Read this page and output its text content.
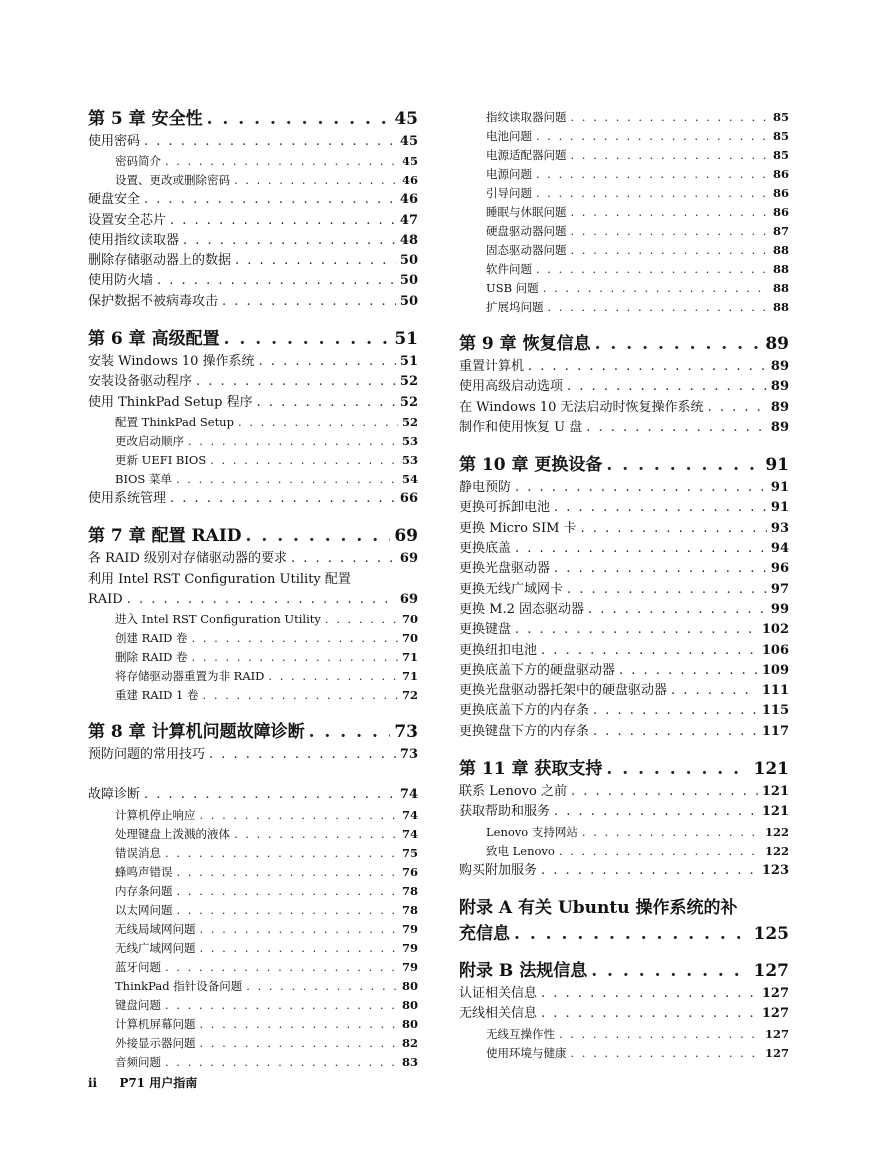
第 5 章 安全性 . . .	45
使用密码 . . .	45
密码简介 . . .	45
设置、更改或删除密码 . . .	46
硬盘安全 . . .	46
设置安全芯片 . . .	47
使用指纹读取器 . . .	48
删除存储驱动器上的数据 . . .	50
使用防火墙 . . .	50
保护数据不被病毒攻击 . . .	50
第 6 章 高级配置 . . .	51
安装 Windows 10 操作系统 . . .	51
安装设备驱动程序 . . .	52
使用 ThinkPad Setup 程序 . . .	52
配置 ThinkPad Setup . . .	52
更改启动顺序 . . .	53
更新 UEFI BIOS . . .	53
BIOS 菜单 . . .	54
使用系统管理 . . .	66
第 7 章 配置 RAID . . .	69
各 RAID 级别对存储驱动器的要求 . . .	69
利用 Intel RST Configuration Utility 配置
RAID . . .	69
进入 Intel RST Configuration Utility . . .	70
创建 RAID 卷 . . .	70
删除 RAID 卷 . . .	71
将存储驱动器重置为非 RAID . . .	71
重建 RAID 1 卷 . . .	72
第 8 章 计算机问题故障诊断 . . .	73
预防问题的常用技巧 . . .	73
故障诊断 . . .	74
计算机停止响应 . . .	74
处理键盘上泼溅的液体 . . .	74
错误消息 . . .	75
蜂鸣声错误 . . .	76
内存条问题 . . .	78
以太网问题 . . .	78
无线局域网问题 . . .	79
无线广域网问题 . . .	79
蓝牙问题 . . .	79
ThinkPad 指针设备问题 . . .	80
键盘问题 . . .	80
计算机屏幕问题 . . .	80
外接显示器问题 . . .	82
音频问题 . . .	83
指纹读取器问题 . . .	85
电池问题 . . .	85
电源适配器问题 . . .	85
电源问题 . . .	86
引导问题 . . .	86
睡眠与休眠问题 . . .	86
硬盘驱动器问题 . . .	87
固态驱动器问题 . . .	88
软件问题 . . .	88
USB 问题 . . .	88
扩展坞问题 . . .	88
第 9 章 恢复信息 . . .	89
重置计算机 . . .	89
使用高级启动选项 . . .	89
在 Windows 10 无法启动时恢复操作系统 . . .	89
制作和使用恢复 U 盘 . . .	89
第 10 章 更换设备 . . .	91
静电预防 . . .	91
更换可拆卸电池 . . .	91
更换 Micro SIM 卡 . . .	93
更换底盖 . . .	94
更换光盘驱动器 . . .	96
更换无线广域网卡 . . .	97
更换 M.2 固态驱动器 . . .	99
更换键盘 . . .	102
更换纽扣电池 . . .	106
更换底盖下方的硬盘驱动器 . . .	109
更换光盘驱动器托架中的硬盘驱动器 . . .	111
更换底盖下方的内存条 . . .	115
更换键盘下方的内存条 . . .	117
第 11 章 获取支持 . . .	121
联系 Lenovo 之前 . . .	121
获取帮助和服务 . . .	121
Lenovo 支持网站 . . .	122
致电 Lenovo . . .	122
购买附加服务 . . .	123
附录 A 有关 Ubuntu 操作系统的补
充信息 . . .	125
附录 B 法规信息 . . .	127
认证相关信息 . . .	127
无线相关信息 . . .	127
无线互操作性 . . .	127
使用环境与健康 . . .	127
ii P71 用户指南
